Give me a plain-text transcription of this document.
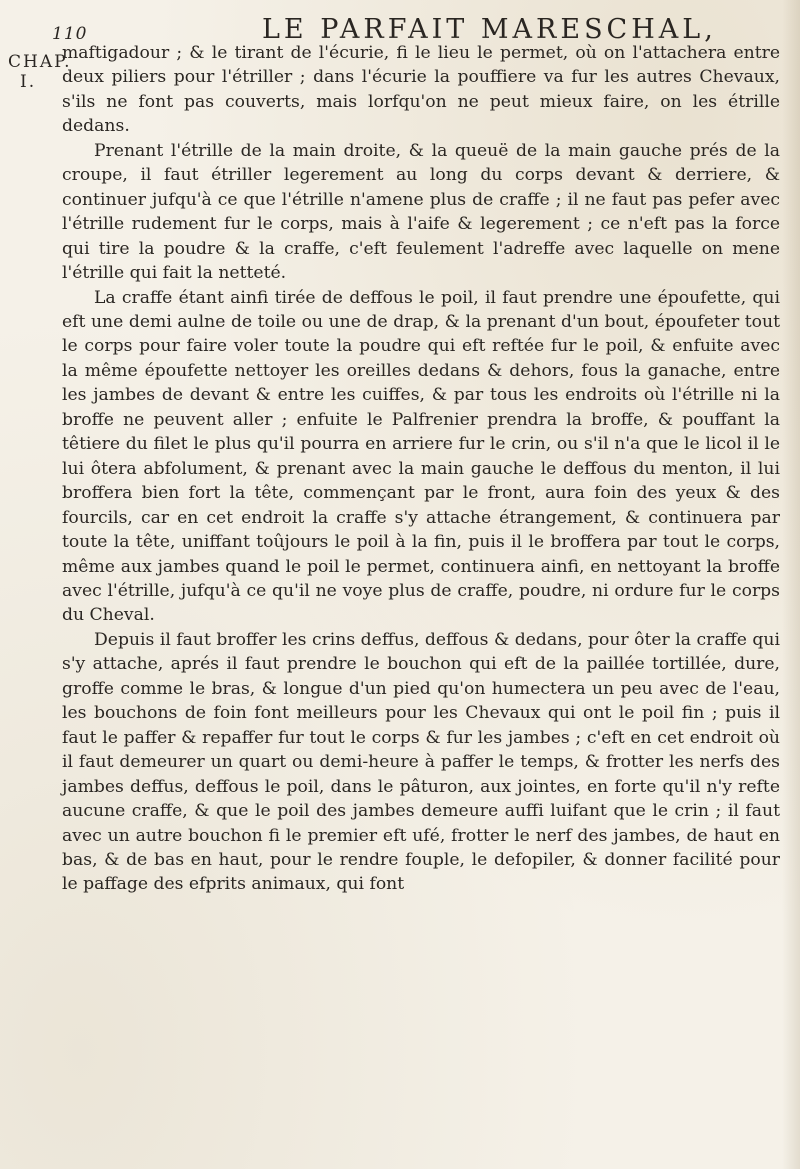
110	LE PARFAIT MARESCHAL,
CHAP.
I.

maftigadour ; & le tirant de l'écurie, fi le lieu le permet, où on l'attachera entre deux piliers pour l'étriller ; dans l'écurie la pouffiere va fur les autres Chevaux, s'ils ne font pas couverts, mais lorfqu'on ne peut mieux faire, on les étrille dedans.

Prenant l'étrille de la main droite, & la queuë de la main gauche prés de la croupe, il faut étriller legerement au long du corps devant & derriere, & continuer jufqu'à ce que l'étrille n'amene plus de craffe ; il ne faut pas pefer avec l'étrille rudement fur le corps, mais à l'aife & legerement ; ce n'eft pas la force qui tire la poudre & la craffe, c'eft feulement l'adreffe avec laquelle on mene l'étrille qui fait la netteté.

La craffe étant ainfi tirée de deffous le poil, il faut prendre une époufette, qui eft une demi aulne de toile ou une de drap, & la prenant d'un bout, époufeter tout le corps pour faire voler toute la poudre qui eft reftée fur le poil, & enfuite avec la même époufette nettoyer les oreilles dedans & dehors, fous la ganache, entre les jambes de devant & entre les cuiffes, & par tous les endroits où l'étrille ni la broffe ne peuvent aller ; enfuite le Palfrenier prendra la broffe, & pouffant la têtiere du filet le plus qu'il pourra en arriere fur le crin, ou s'il n'a que le licol il le lui ôtera abfolument, & prenant avec la main gauche le deffous du menton, il lui broffera bien fort la tête, commençant par le front, aura foin des yeux & des fourcils, car en cet endroit la craffe s'y attache étrangement, & continuera par toute la tête, uniffant toûjours le poil à la fin, puis il le broffera par tout le corps, même aux jambes quand le poil le permet, continuera ainfi, en nettoyant la broffe avec l'étrille, jufqu'à ce qu'il ne voye plus de craffe, poudre, ni ordure fur le corps du Cheval.

Depuis il faut broffer les crins deffus, deffous & dedans, pour ôter la craffe qui s'y attache, aprés il faut prendre le bouchon qui eft de la paillée tortillée, dure, groffe comme le bras, & longue d'un pied qu'on humectera un peu avec de l'eau, les bouchons de foin font meilleurs pour les Chevaux qui ont le poil fin ; puis il faut le paffer & repaffer fur tout le corps & fur les jambes ; c'eft en cet endroit où il faut demeurer un quart ou demi-heure à paffer le temps, & frotter les nerfs des jambes deffus, deffous le poil, dans le pâturon, aux jointes, en forte qu'il n'y refte aucune craffe, & que le poil des jambes demeure auffi luifant que le crin ; il faut avec un autre bouchon fi le premier eft ufé, frotter le nerf des jambes, de haut en bas, & de bas en haut, pour le rendre fouple, le defopiler, & donner facilité pour le paffage des efprits animaux, qui font
